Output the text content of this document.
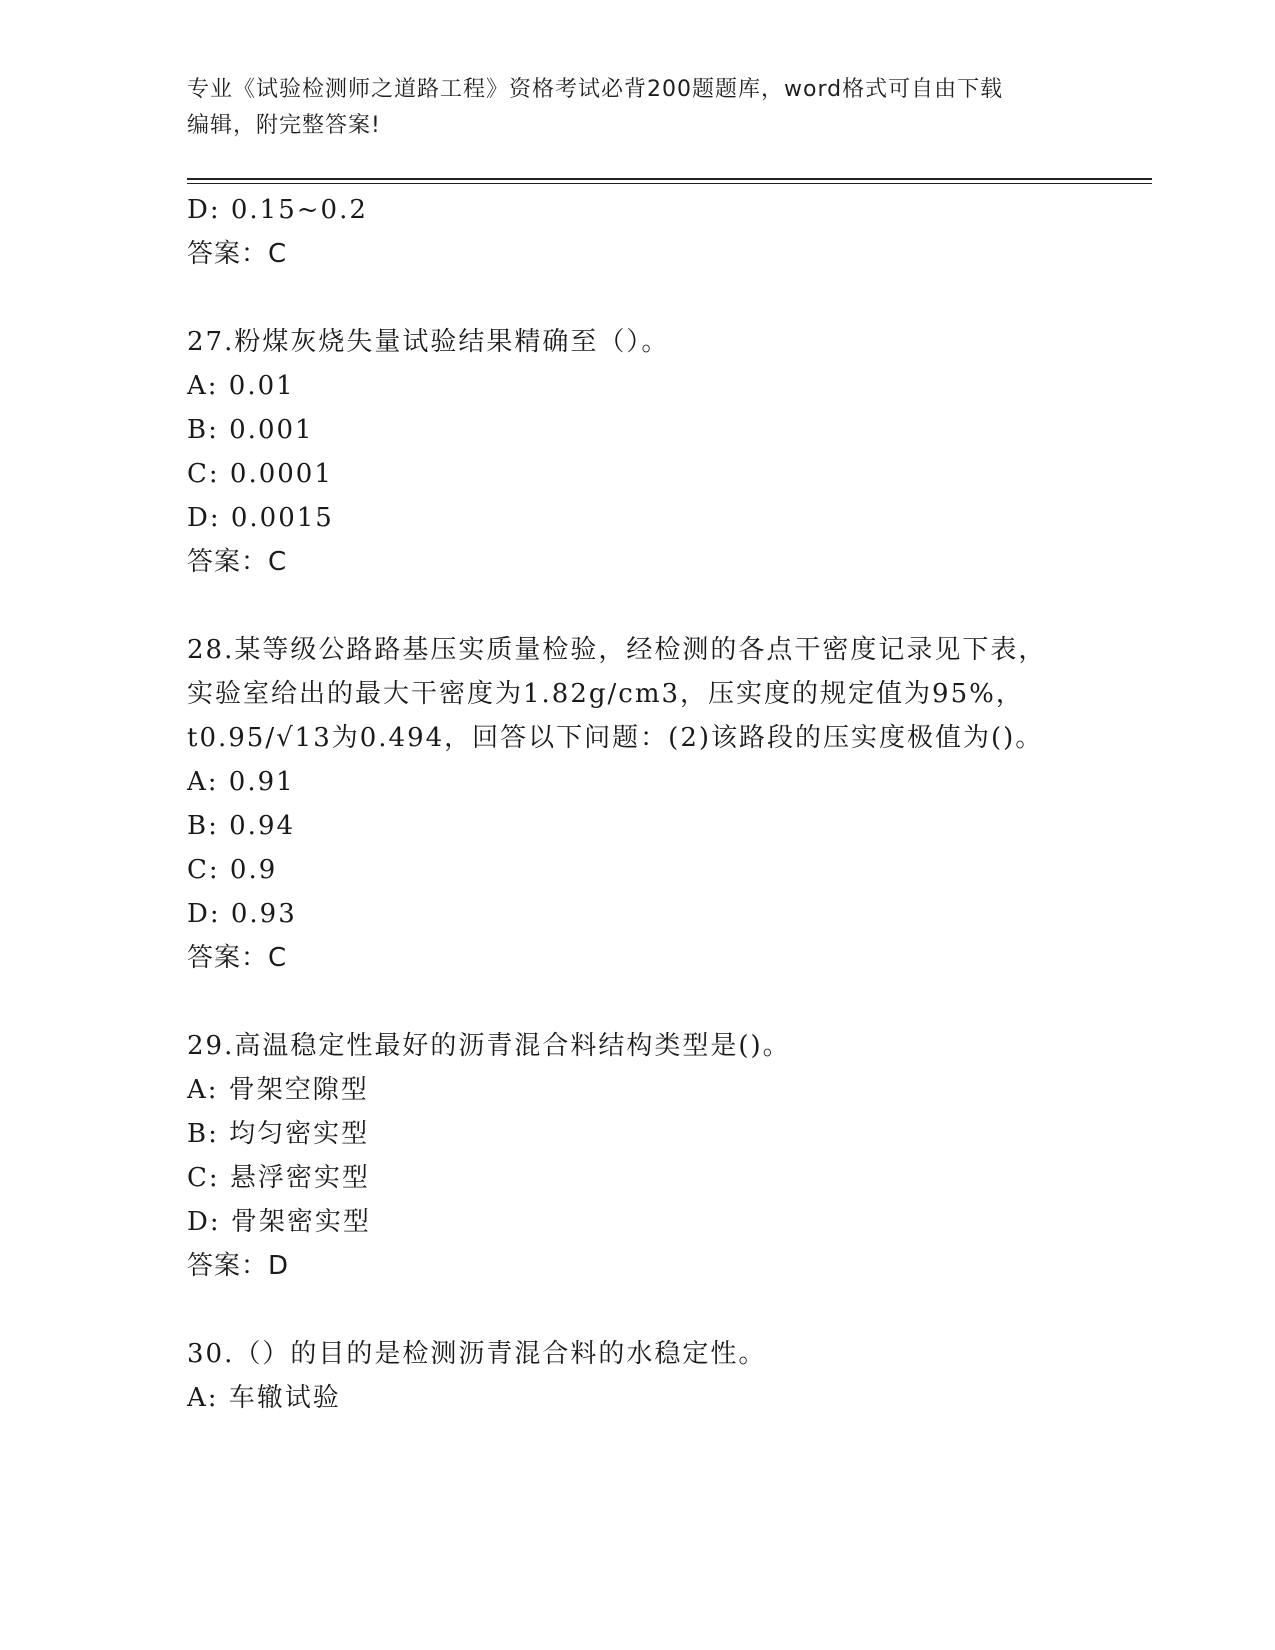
专业《试验检测师之道路工程》资格考试必背200题题库，word格式可自由下载
编辑，附完整答案!
D: 0.15~0.2
答案：C
27.粉煤灰烧失量试验结果精确至（）。
A: 0.01
B: 0.001
C: 0.0001
D: 0.0015
答案：C
28.某等级公路路基压实质量检验，经检测的各点干密度记录见下表，
实验室给出的最大干密度为1.82g/cm3，压实度的规定值为95%，
t0.95/√13为0.494，回答以下问题：(2)该路段的压实度极值为()。
A: 0.91
B: 0.94
C: 0.9
D: 0.93
答案：C
29.高温稳定性最好的沥青混合料结构类型是()。
A: 骨架空隙型
B: 均匀密实型
C: 悬浮密实型
D: 骨架密实型
答案：D
30.（）的目的是检测沥青混合料的水稳定性。
A: 车辙试验
